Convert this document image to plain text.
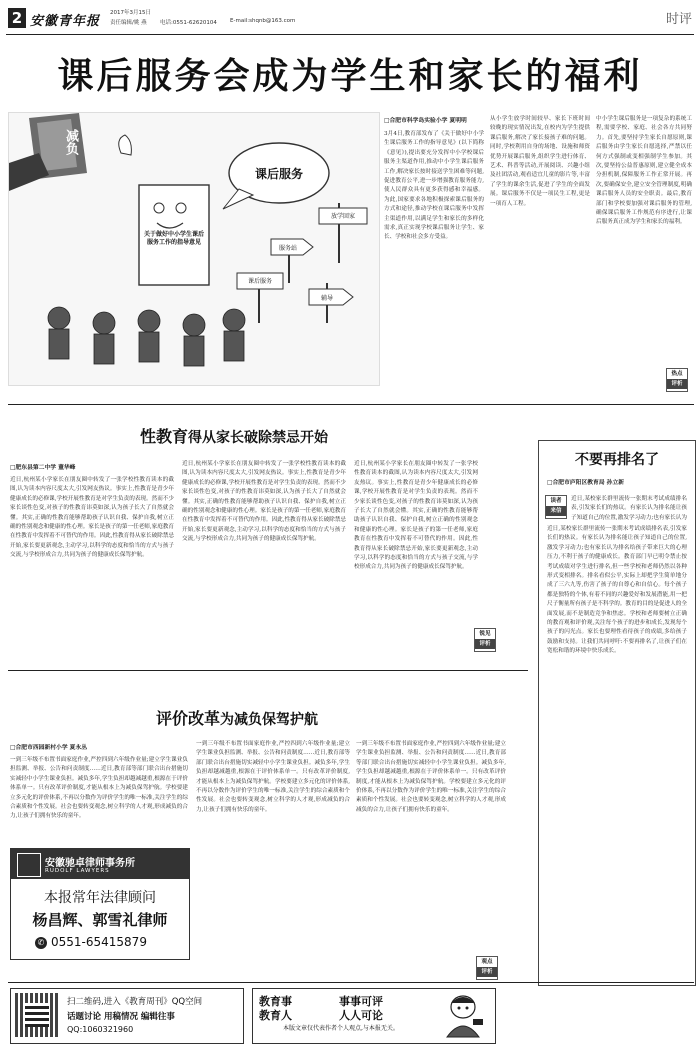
2 安徽青年报
2017年3月15日
责任编辑/姚 燕 电话:0551-62620104 E-mail:shqnb@163.com	时评
课后服务会成为学生和家长的福利
减负
课后服务
关于做好中小学生课后服务工作的指导意见
放学回家
服务站
课后服务
辅导
□合肥市科学岛实验小学 夏明明
3月4日,教育部发布了《关于做好中小学生课后服务工作的指导意见》(以下简称《意见》),提出要充分发挥中小学校课后服务主渠道作用,推动中小学生课后服务工作,解决家长按时接送学生困难等问题,促进教育公平,进一步增强教育服务能力,使人民群众具有更多获得感和幸福感。为此,国家要求各地积极探索课后服务的方式和途径,推动学校在课后服务中发挥主渠道作用,以满足学生和家长的多样化需求,真正实现学校课后服务让学生、家长、学校和社会多方受益。
从小学生放学时间较早、家长下班时间较晚的现实情况出发,在校内为学生提供课后服务,解决了家长接孩子难的问题。同时,学校利用自身的场地、设施和师资优势开展课后服务,组织学生进行体育、艺术、科普等活动,开展阅读、兴趣小组及社团活动,观看适宜儿童的影片等,丰富了学生的课余生活,促进了学生的全面发展。课后服务不仅是一项民生工程,更是一项育人工程。
中小学生课后服务是一项复杂的系统工程,需要学校、家庭、社会各方共同努力。首先,要坚持学生家长自愿原则,课后服务由学生家长自愿选择,严禁以任何方式强制或变相强制学生参加。其次,要坚持公益普惠原则,建立健全成本分担机制,保障服务工作正常开展。再次,要确保安全,建立安全管理制度,明确课后服务人员的安全职责。最后,教育部门和学校要加强对课后服务的管理,确保课后服务工作规范有序进行,让课后服务真正成为学生和家长的福利。
热点
评析
性教育得从家长破除禁忌开始
□肥东县第二中学 董华峰
近日,杭州某小学家长在朋友圈中转发了一张学校性教育读本的截图,认为读本内容尺度太大,引发网友热议。事实上,性教育是青少年健康成长的必修课,学校开展性教育是对学生负责的表现。然而不少家长谈性色变,对孩子的性教育讳莫如深,认为孩子长大了自然就会懂。其实,正确的性教育能够帮助孩子认识自我、保护自我,树立正确的性别观念和健康的性心理。家长是孩子的第一任老师,家庭教育在性教育中发挥着不可替代的作用。因此,性教育得从家长破除禁忌开始,家长要更新观念,主动学习,以科学的态度和恰当的方式与孩子交流,与学校形成合力,共同为孩子的健康成长保驾护航。
近日,杭州某小学家长在朋友圈中转发了一张学校性教育读本的截图,认为读本内容尺度太大,引发网友热议。事实上,性教育是青少年健康成长的必修课,学校开展性教育是对学生负责的表现。然而不少家长谈性色变,对孩子的性教育讳莫如深,认为孩子长大了自然就会懂。其实,正确的性教育能够帮助孩子认识自我、保护自我,树立正确的性别观念和健康的性心理。家长是孩子的第一任老师,家庭教育在性教育中发挥着不可替代的作用。因此,性教育得从家长破除禁忌开始,家长要更新观念,主动学习,以科学的态度和恰当的方式与孩子交流,与学校形成合力,共同为孩子的健康成长保驾护航。
近日,杭州某小学家长在朋友圈中转发了一张学校性教育读本的截图,认为读本内容尺度太大,引发网友热议。事实上,性教育是青少年健康成长的必修课,学校开展性教育是对学生负责的表现。然而不少家长谈性色变,对孩子的性教育讳莫如深,认为孩子长大了自然就会懂。其实,正确的性教育能够帮助孩子认识自我、保护自我,树立正确的性别观念和健康的性心理。家长是孩子的第一任老师,家庭教育在性教育中发挥着不可替代的作用。因此,性教育得从家长破除禁忌开始,家长要更新观念,主动学习,以科学的态度和恰当的方式与孩子交流,与学校形成合力,共同为孩子的健康成长保驾护航。
锐见
评析
评价改革为减负保驾护航
□合肥市西园新村小学 夏永丛
一到三年级不布置书面家庭作业,严控四到六年级作业量;建立学生课业负担监测、举报、公告和问责制度……近日,教育部等部门联合出台措施切实减轻中小学生课业负担。减负多年,学生负担却越减越重,根源在于评价体系单一。只有改革评价制度,才能从根本上为减负保驾护航。学校要建立多元化的评价体系,不再以分数作为评价学生的唯一标准,关注学生的综合素质和个性发展。社会也要转变观念,树立科学的人才观,形成减负的合力,让孩子们拥有快乐的童年。
一到三年级不布置书面家庭作业,严控四到六年级作业量;建立学生课业负担监测、举报、公告和问责制度……近日,教育部等部门联合出台措施切实减轻中小学生课业负担。减负多年,学生负担却越减越重,根源在于评价体系单一。只有改革评价制度,才能从根本上为减负保驾护航。学校要建立多元化的评价体系,不再以分数作为评价学生的唯一标准,关注学生的综合素质和个性发展。社会也要转变观念,树立科学的人才观,形成减负的合力,让孩子们拥有快乐的童年。
一到三年级不布置书面家庭作业,严控四到六年级作业量;建立学生课业负担监测、举报、公告和问责制度……近日,教育部等部门联合出台措施切实减轻中小学生课业负担。减负多年,学生负担却越减越重,根源在于评价体系单一。只有改革评价制度,才能从根本上为减负保驾护航。学校要建立多元化的评价体系,不再以分数作为评价学生的唯一标准,关注学生的综合素质和个性发展。社会也要转变观念,树立科学的人才观,形成减负的合力,让孩子们拥有快乐的童年。
观点
评析
安徽驰卓律师事务所
RUDOLF LAWYERS
本报常年法律顾问
杨昌辉、郭雪礼律师
✆ 0551-65415879
不要再排名了
□合肥市庐阳区教育局 孙立新
读者
来信
近日,某校家长群里流传一张期末考试成绩排名表,引发家长们的热议。有家长认为排名能让孩子知道自己的位置,激发学习动力;也有家长认为
近日,某校家长群里流传一张期末考试成绩排名表,引发家长们的热议。有家长认为排名能让孩子知道自己的位置,激发学习动力;也有家长认为排名给孩子带来巨大的心理压力,不利于孩子的健康成长。教育部门早已明令禁止按考试成绩对学生进行排名,但一些学校和老师仍然以各种形式变相排名。排名看似公平,实际上却把学生简单地分成了三六九等,伤害了孩子的自尊心和自信心。每个孩子都是独特的个体,有着不同的兴趣爱好和发展潜能,用一把尺子衡量所有孩子是不科学的。教育的目的是促进人的全面发展,而不是制造竞争和焦虑。学校和老师要树立正确的教育观和评价观,关注每个孩子的进步和成长,发现每个孩子的闪光点。家长也要理性看待孩子的成绩,多给孩子鼓励和支持。让我们共同呼吁:不要再排名了,让孩子们在宽松和谐的环境中快乐成长。
扫二维码,进入《教育周刊》QQ空间
话题讨论 用稿情况 编辑往事
QQ:1060321960
教育事
教育人
事事可评
人人可论
本版文章仅代表作者个人观点,与本报无关。
